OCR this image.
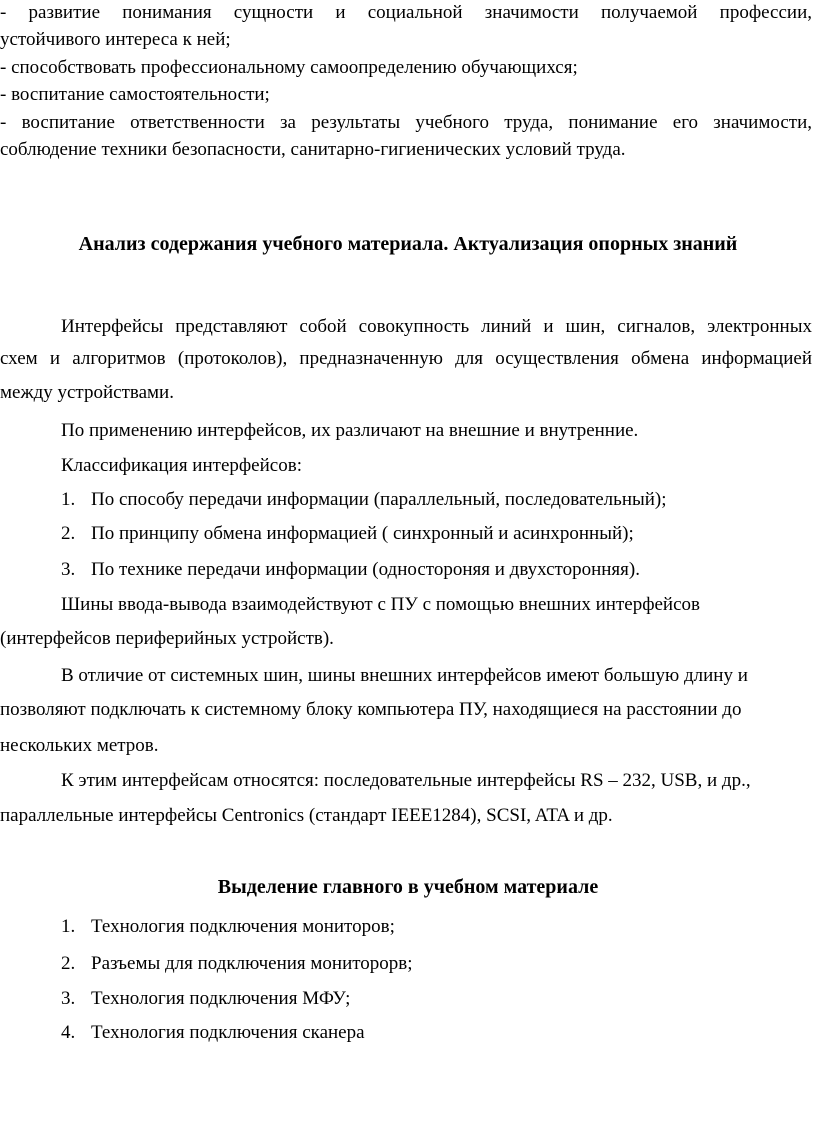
- развитие понимания сущности и социальной значимости получаемой профессии,

устойчивого интереса к ней;

- способствовать профессиональному самоопределению обучающихся;

- воспитание самостоятельности;

- воспитание ответственности за результаты учебного труда, понимание его значимости,

соблюдение техники безопасности, санитарно-гигиенических условий труда.

Анализ содержания учебного материала. Актуализация опорных знаний

Интерфейсы представляют собой совокупность линий и шин, сигналов, электронных

схем и алгоритмов (протоколов), предназначенную для осуществления обмена информацией

между устройствами.

По применению интерфейсов, их различают на внешние и внутренние.

Классификация интерфейсов:

1. По способу передачи информации (параллельный, последовательный);
2. По принципу обмена информацией ( синхронный и асинхронный);
3. По технике передачи информации (одностороняя и двухсторонняя).

Шины ввода-вывода взаимодействуют с ПУ с помощью внешних интерфейсов

(интерфейсов периферийных устройств).

В отличие от системных шин, шины внешних интерфейсов имеют большую длину и

позволяют подключать к системному блоку компьютера ПУ, находящиеся на расстоянии до

нескольких метров.

К этим интерфейсам относятся: последовательные интерфейсы RS – 232, USB, и др.,

параллельные интерфейсы Centronics (стандарт IEEE1284), SCSI, ATA и др.

Выделение главного в учебном материале
1. Технология подключения мониторов;
2. Разъемы для подключения мониторорв;
3. Технология подключения МФУ;
4. Технология подключения сканера
